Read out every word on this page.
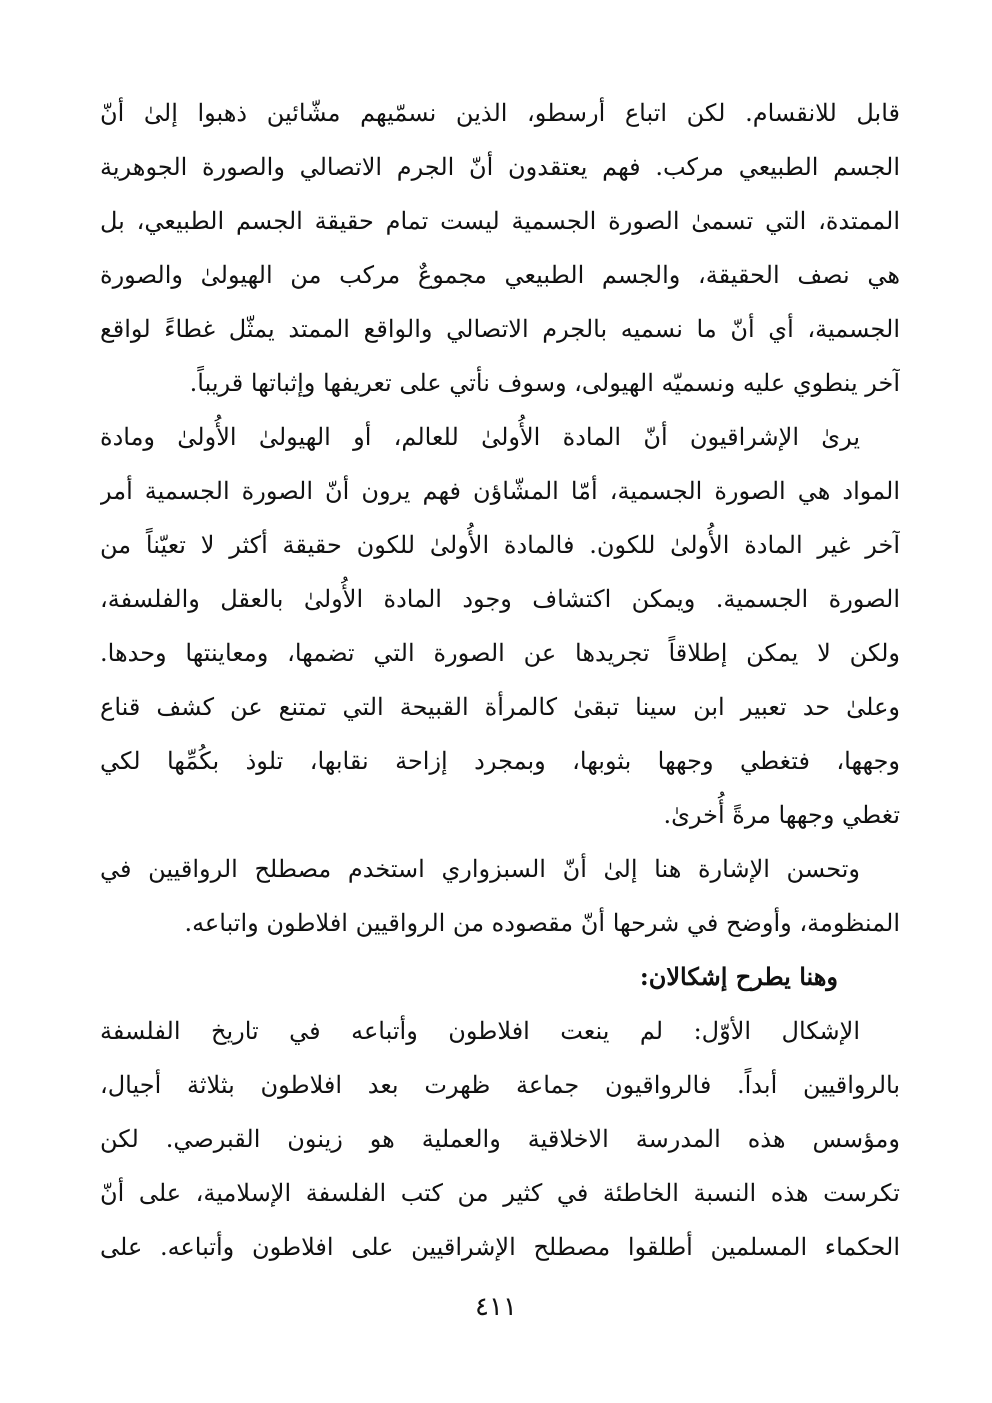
قابل للانقسام. لكن اتباع أرسطو، الذين نسمّيهم مشّائين ذهبوا إلىٰ أنّ
الجسم الطبيعي مركب. فهم يعتقدون أنّ الجرم الاتصالي والصورة الجوهرية
الممتدة، التي تسمىٰ الصورة الجسمية ليست تمام حقيقة الجسم الطبيعي، بل
هي نصف الحقيقة، والجسم الطبيعي مجموعٌ مركب من الهيولىٰ والصورة
الجسمية، أي أنّ ما نسميه بالجرم الاتصالي والواقع الممتد يمثّل غطاءً لواقع
آخر ينطوي عليه ونسميّه الهيولى، وسوف نأتي على تعريفها وإثباتها قريباً.
يرىٰ الإشراقيون أنّ المادة الأُولىٰ للعالم، أو الهيولىٰ الأُولىٰ ومادة
المواد هي الصورة الجسمية، أمّا المشّاؤن فهم يرون أنّ الصورة الجسمية أمر
آخر غير المادة الأُولىٰ للكون. فالمادة الأُولىٰ للكون حقيقة أكثر لا تعيّناً من
الصورة الجسمية. ويمكن اكتشاف وجود المادة الأُولىٰ بالعقل والفلسفة،
ولكن لا يمكن إطلاقاً تجريدها عن الصورة التي تضمها، ومعاينتها وحدها.
وعلىٰ حد تعبير ابن سينا تبقىٰ كالمرأة القبيحة التي تمتنع عن كشف قناع
وجهها، فتغطي وجهها بثوبها، وبمجرد إزاحة نقابها، تلوذ بكُمِّها لكي
تغطي وجهها مرةً أُخرىٰ.
وتحسن الإشارة هنا إلىٰ أنّ السبزواري استخدم مصطلح الرواقيين في
المنظومة، وأوضح في شرحها أنّ مقصوده من الرواقيين افلاطون واتباعه.
وهنا يطرح إشكالان:
الإشكال الأوّل: لم ينعت افلاطون وأتباعه في تاريخ الفلسفة
بالرواقيين أبداً. فالرواقيون جماعة ظهرت بعد افلاطون بثلاثة أجيال،
ومؤسس هذه المدرسة الاخلاقية والعملية هو زينون القبرصي. لكن
تكرست هذه النسبة الخاطئة في كثير من كتب الفلسفة الإسلامية، على أنّ
الحكماء المسلمين أطلقوا مصطلح الإشراقيين على افلاطون وأتباعه. على
٤١١
